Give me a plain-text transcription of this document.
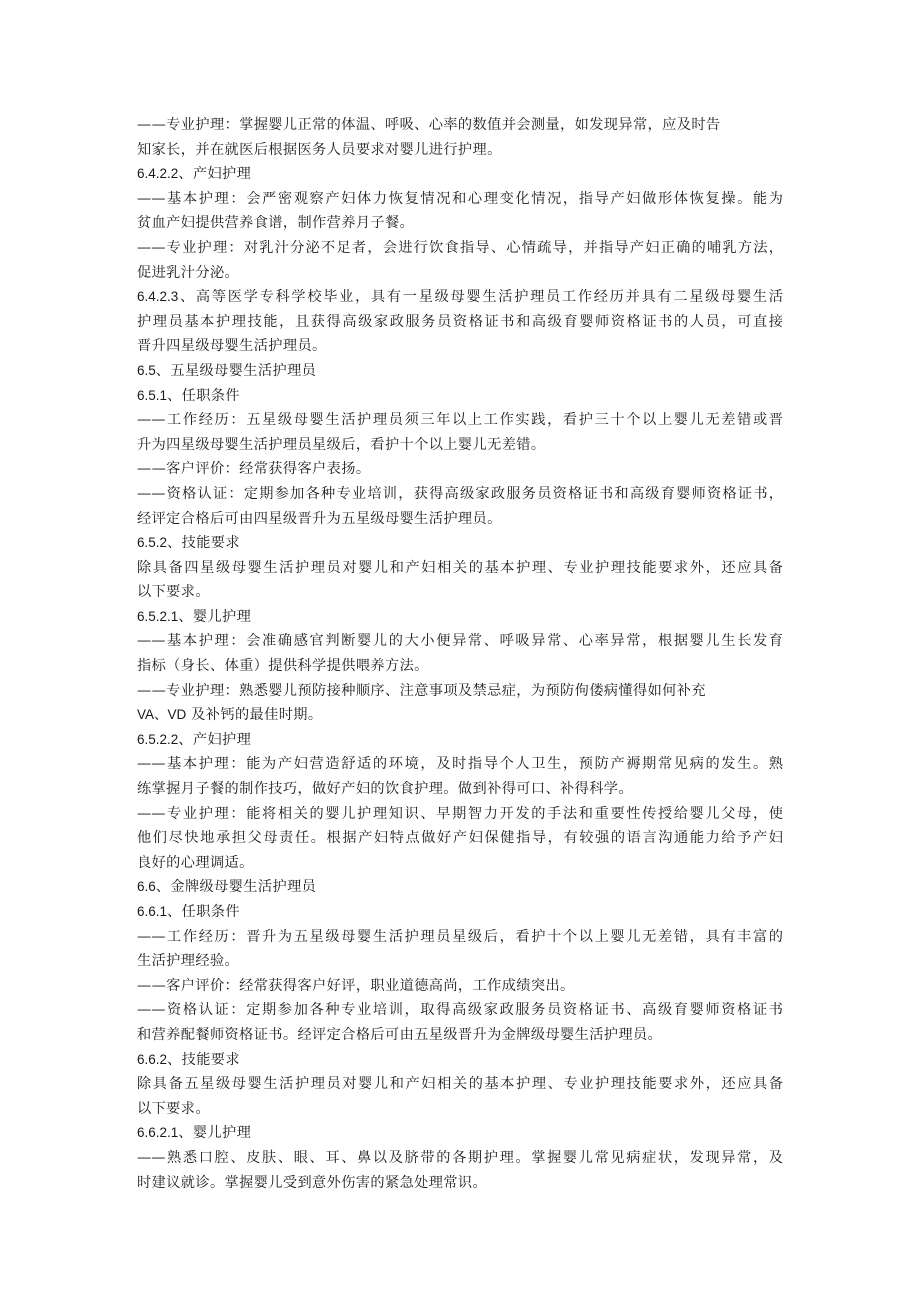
——专业护理：掌握婴儿正常的体温、呼吸、心率的数值并会测量，如发现异常，应及时告
知家长，并在就医后根据医务人员要求对婴儿进行护理。
6.4.2.2、产妇护理
——基本护理：会严密观察产妇体力恢复情况和心理变化情况，指导产妇做形体恢复操。能为
贫血产妇提供营养食谱，制作营养月子餐。
——专业护理：对乳汁分泌不足者，会进行饮食指导、心情疏导，并指导产妇正确的哺乳方法，
促进乳汁分泌。
6.4.2.3、高等医学专科学校毕业，具有一星级母婴生活护理员工作经历并具有二星级母婴生活
护理员基本护理技能，且获得高级家政服务员资格证书和高级育婴师资格证书的人员，可直接
晋升四星级母婴生活护理员。
6.5、五星级母婴生活护理员
6.5.1、任职条件
——工作经历：五星级母婴生活护理员须三年以上工作实践，看护三十个以上婴儿无差错或晋
升为四星级母婴生活护理员星级后，看护十个以上婴儿无差错。
——客户评价：经常获得客户表扬。
——资格认证：定期参加各种专业培训，获得高级家政服务员资格证书和高级育婴师资格证书，
经评定合格后可由四星级晋升为五星级母婴生活护理员。
6.5.2、技能要求
除具备四星级母婴生活护理员对婴儿和产妇相关的基本护理、专业护理技能要求外，还应具备
以下要求。
6.5.2.1、婴儿护理
——基本护理：会准确感官判断婴儿的大小便异常、呼吸异常、心率异常，根据婴儿生长发育
指标（身长、体重）提供科学提供喂养方法。
——专业护理：熟悉婴儿预防接种顺序、注意事项及禁忌症，为预防佝偻病懂得如何补充
VA、VD 及补钙的最佳时期。
6.5.2.2、产妇护理
——基本护理：能为产妇营造舒适的环境，及时指导个人卫生，预防产褥期常见病的发生。熟
练掌握月子餐的制作技巧，做好产妇的饮食护理。做到补得可口、补得科学。
——专业护理：能将相关的婴儿护理知识、早期智力开发的手法和重要性传授给婴儿父母，使
他们尽快地承担父母责任。根据产妇特点做好产妇保健指导，有较强的语言沟通能力给予产妇
良好的心理调适。
6.6、金牌级母婴生活护理员
6.6.1、任职条件
——工作经历：晋升为五星级母婴生活护理员星级后，看护十个以上婴儿无差错，具有丰富的
生活护理经验。
——客户评价：经常获得客户好评，职业道德高尚，工作成绩突出。
——资格认证：定期参加各种专业培训，取得高级家政服务员资格证书、高级育婴师资格证书
和营养配餐师资格证书。经评定合格后可由五星级晋升为金牌级母婴生活护理员。
6.6.2、技能要求
除具备五星级母婴生活护理员对婴儿和产妇相关的基本护理、专业护理技能要求外，还应具备
以下要求。
6.6.2.1、婴儿护理
——熟悉口腔、皮肤、眼、耳、鼻以及脐带的各期护理。掌握婴儿常见病症状，发现异常，及
时建议就诊。掌握婴儿受到意外伤害的紧急处理常识。
